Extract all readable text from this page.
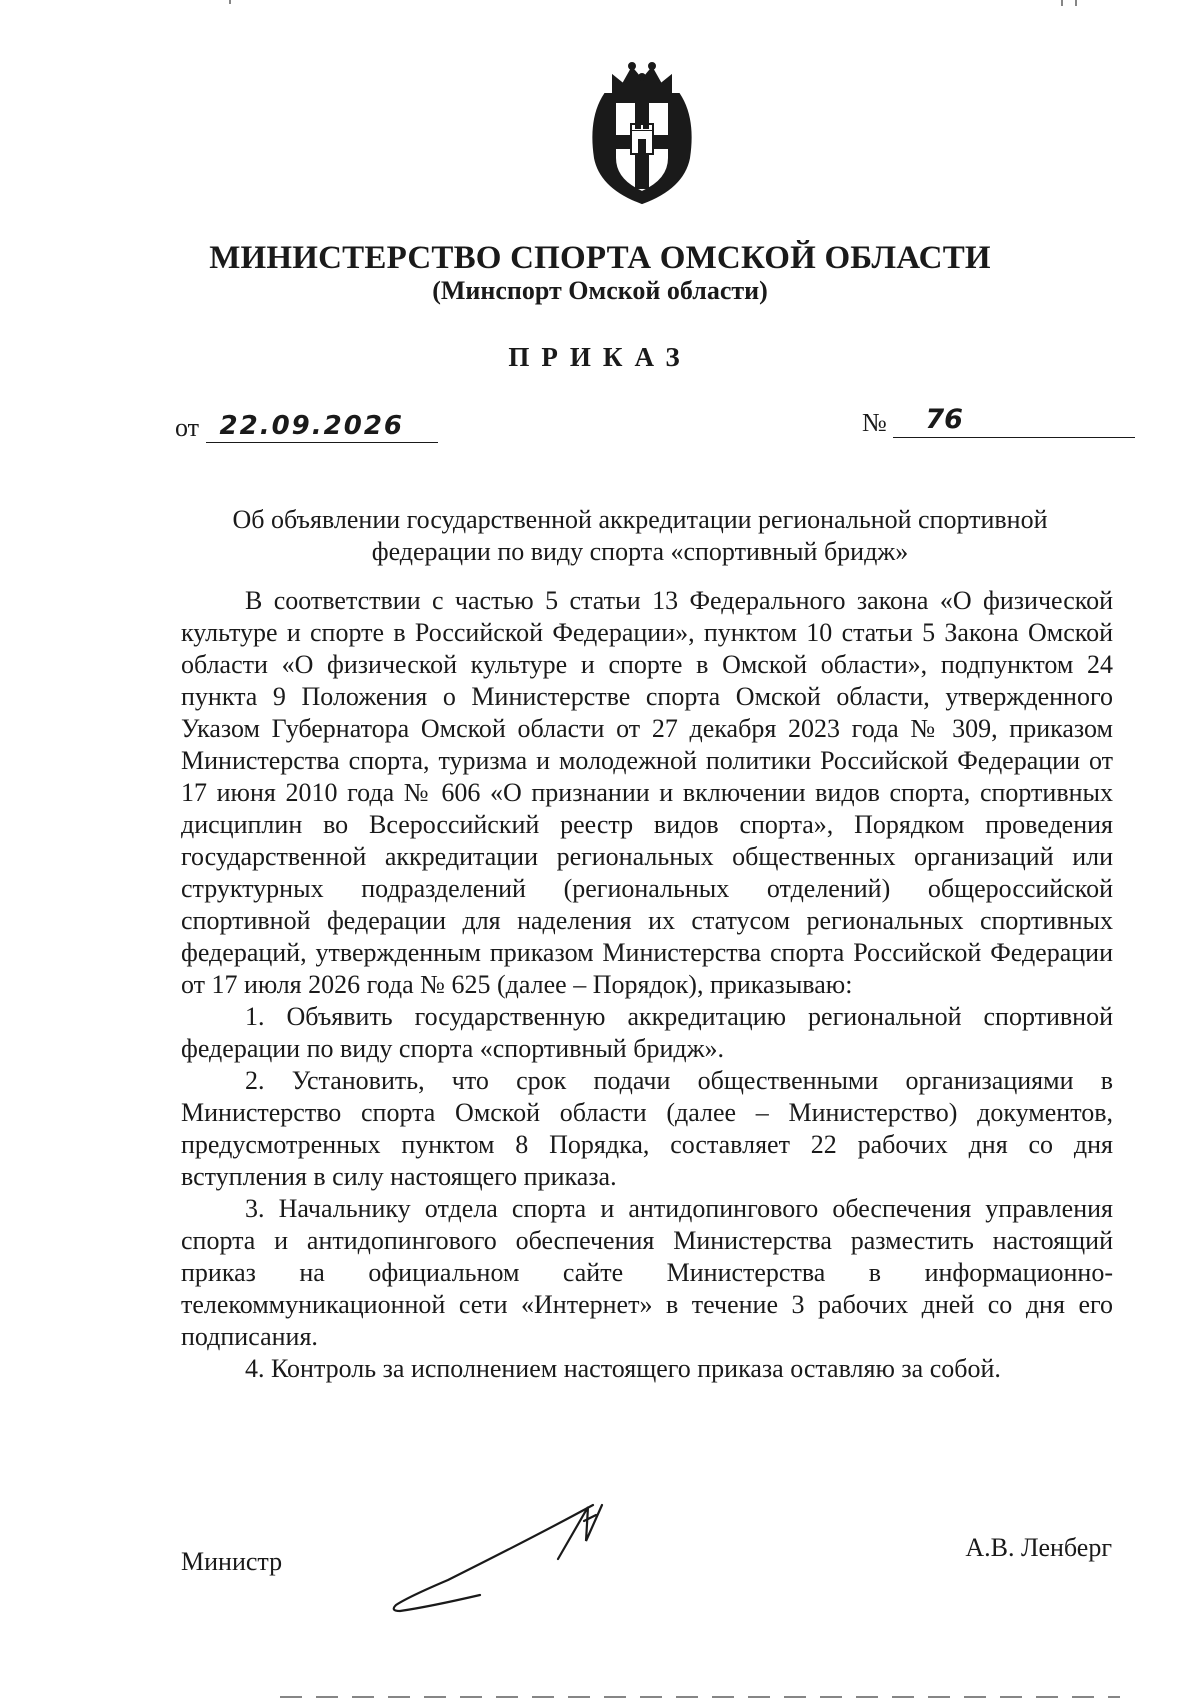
МИНИСТЕРСТВО СПОРТА ОМСКОЙ ОБЛАСТИ
(Минспорт Омской области)
ПРИКАЗ
от 22.09.2026	№ 76
Об объявлении государственной аккредитации региональной спортивной федерации по виду спорта «спортивный бридж»

В соответствии с частью 5 статьи 13 Федерального закона «О физической культуре и спорте в Российской Федерации», пунктом 10 статьи 5 Закона Омской области «О физической культуре и спорте в Омской области», подпунктом 24 пункта 9 Положения о Министерстве спорта Омской области, утвержденного Указом Губернатора Омской области от 27 декабря 2023 года № 309, приказом Министерства спорта, туризма и молодежной политики Российской Федерации от 17 июня 2010 года № 606 «О признании и включении видов спорта, спортивных дисциплин во Всероссийский реестр видов спорта», Порядком проведения государственной аккредитации региональных общественных организаций или структурных подразделений (региональных отделений) общероссийской спортивной федерации для наделения их статусом региональных спортивных федераций, утвержденным приказом Министерства спорта Российской Федерации от 17 июля 2026 года № 625 (далее – Порядок), приказываю:

1. Объявить государственную аккредитацию региональной спортивной федерации по виду спорта «спортивный бридж».

2. Установить, что срок подачи общественными организациями в Министерство спорта Омской области (далее – Министерство) документов, предусмотренных пунктом 8 Порядка, составляет 22 рабочих дня со дня вступления в силу настоящего приказа.

3. Начальнику отдела спорта и антидопингового обеспечения управления спорта и антидопингового обеспечения Министерства разместить настоящий приказ на официальном сайте Министерства в информационно-телекоммуникационной сети «Интернет» в течение 3 рабочих дней со дня его подписания.

4. Контроль за исполнением настоящего приказа оставляю за собой.

Министр	А.В. Ленберг
